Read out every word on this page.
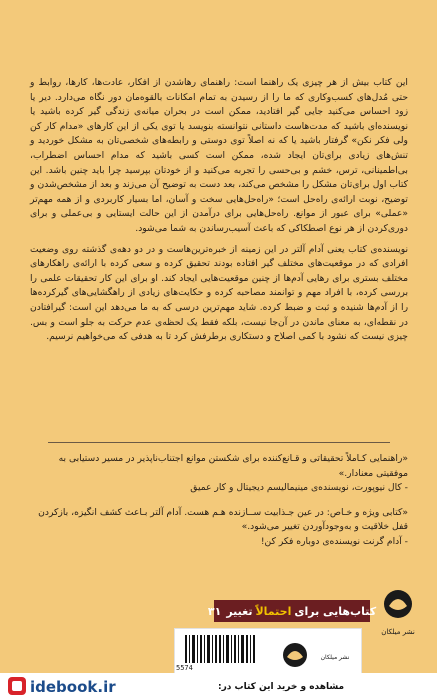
این کتاب بیش از هر چیزی یک راهنما است: راهنمای رهاشدن از افکار، عادت‌ها، کارها، روابط و حتی مُدل‌های کسب‌وکاری که ما را از رسیدن به تمام امکانات بالقوه‌مان دور نگاه می‌دارد. دیر یا زود احساس می‌کنید جایی گیر افتادید، ممکن است در بحران میانه‌ی زندگی گیر کرده باشید یا نویسنده‌ای باشید که مدت‌هاست داستانی نتوانسته بنویسد یا توی یکی از این کارهای «مدام کار کن ولی فکر نکن» گرفتار باشید یا که نه اصلاً توی دوستی و رابطه‌های شخصی‌تان به مشکل خوردید و تنش‌های زیادی برای‌تان ایجاد شده، ممکن است کسی باشید که مدام احساس اضطراب، بی‌اطمینانی، ترس، خشم و بی‌حسی را تجربه می‌کنید و از خودتان بپرسید چرا باید چنین باشد. این کتاب اول برای‌تان مشکل را مشخص می‌کند، بعد دست به توضیح آن می‌زند و بعد از مشخص‌شدن و توضیح، نوبت ارائه‌ی راه‌حل است؛ «راه‌حل‌هایی سخت و آسان، اما بسیار کاربردی و از همه مهم‌تر «عملی» برای عبور از موانع. راه‌حل‌هایی برای درآمدن از این حالت ایستایی و بی‌عملی و برای دوری‌کردن از هر نوع اصطکاکی که باعث آسیب‌رساندن به شما می‌شود.

نویسنده‌ی کتاب یعنی آدام آلتر در این زمینه از خبره‌ترین‌هاست و در دو دهه‌ی گذشته روی وضعیت افرادی که در موقعیت‌های مختلف گیر افتاده بودند تحقیق کرده و سعی کرده با ارائه‌ی راهکارهای مختلف بستری برای رهایی آدم‌ها از چنین موقعیت‌هایی ایجاد کند. او برای این کار تحقیقات علمی را بررسی کرده، با افراد مهم و توانمند مصاحبه کرده و حکایت‌های زیادی از راهگشایی‌های گیرکرده‌ها را از آدم‌ها شنیده و ثبت و ضبط کرده. شاید مهم‌ترین درسی که به ما می‌دهد این است: گیرافتادن در نقطه‌ای، به معنای ماندن در آن‌جا نیست، بلکه فقط یک لحظه‌ی عدم حرکت به جلو است و بس. چیزی نیست که نشود با کمی اصلاح و دستکاری برطرفش کرد تا به هدفی که می‌خواهیم نرسیم.

«راهنمایی کـاملاً تحقیقاتی و قـانع‌کننده برای شکستن موانع اجتناب‌ناپذیر در مسیر دستیابی به موفقیتی معنادار.»
- کال نیوپورت، نویسنده‌ی مینیمالیسم دیجیتال و کار عمیق
«کتابی ویژه و خـاص: در عین جـذابیت ســازنده هـم هست. آدام آلتر بـاعث کشف انگیزه، بازکردن قفل خلاقیت و به‌وجودآوردن تغییر می‌شود.»
- آدام گرنت نویسنده‌ی دوباره فکر کن!
کتاب‌هایی برای
احتمالاً
تغییر
۳۱
نشر میلکان
نشر میلکان
5574
idebook.ir	مشاهده و خرید این کتاب در:
